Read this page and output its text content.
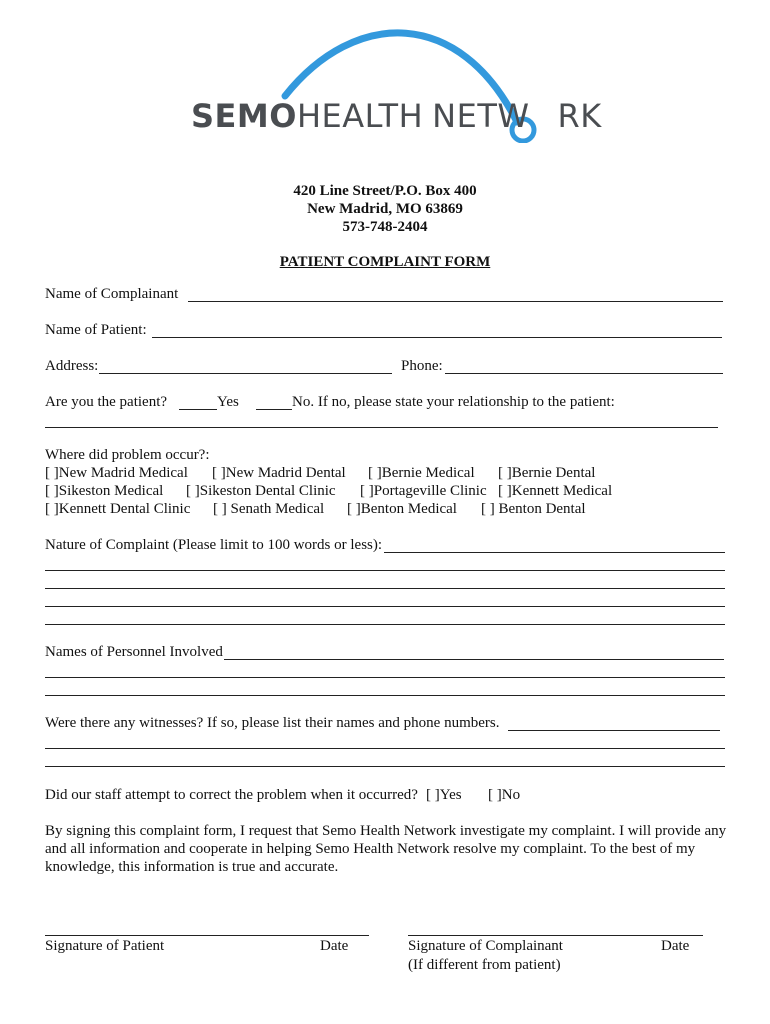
SEMOHEALTH NETW RK
420 Line Street/P.O. Box 400
New Madrid, MO 63869
573-748-2404
PATIENT COMPLAINT FORM
Name of Complainant
Name of Patient:
Address:	Phone:
Are you the patient?	Yes	No. If no, please state your relationship to the patient:
Where did problem occur?:
[ ]New Madrid Medical [ ]New Madrid Dental [ ]Bernie Medical [ ]Bernie Dental
[ ]Sikeston Medical [ ]Sikeston Dental Clinic [ ]Portageville Clinic [ ]Kennett Medical
[ ]Kennett Dental Clinic [ ] Senath Medical [ ]Benton Medical [ ] Benton Dental
Nature of Complaint (Please limit to 100 words or less):
Names of Personnel Involved
Were there any witnesses? If so, please list their names and phone numbers.
Did our staff attempt to correct the problem when it occurred? [ ]Yes [ ]No
By signing this complaint form, I request that Semo Health Network investigate my complaint. I will provide any and all information and cooperate in helping Semo Health Network resolve my complaint. To the best of my knowledge, this information is true and accurate.
Signature of Patient	Date	Signature of Complainant	Date
(If different from patient)
